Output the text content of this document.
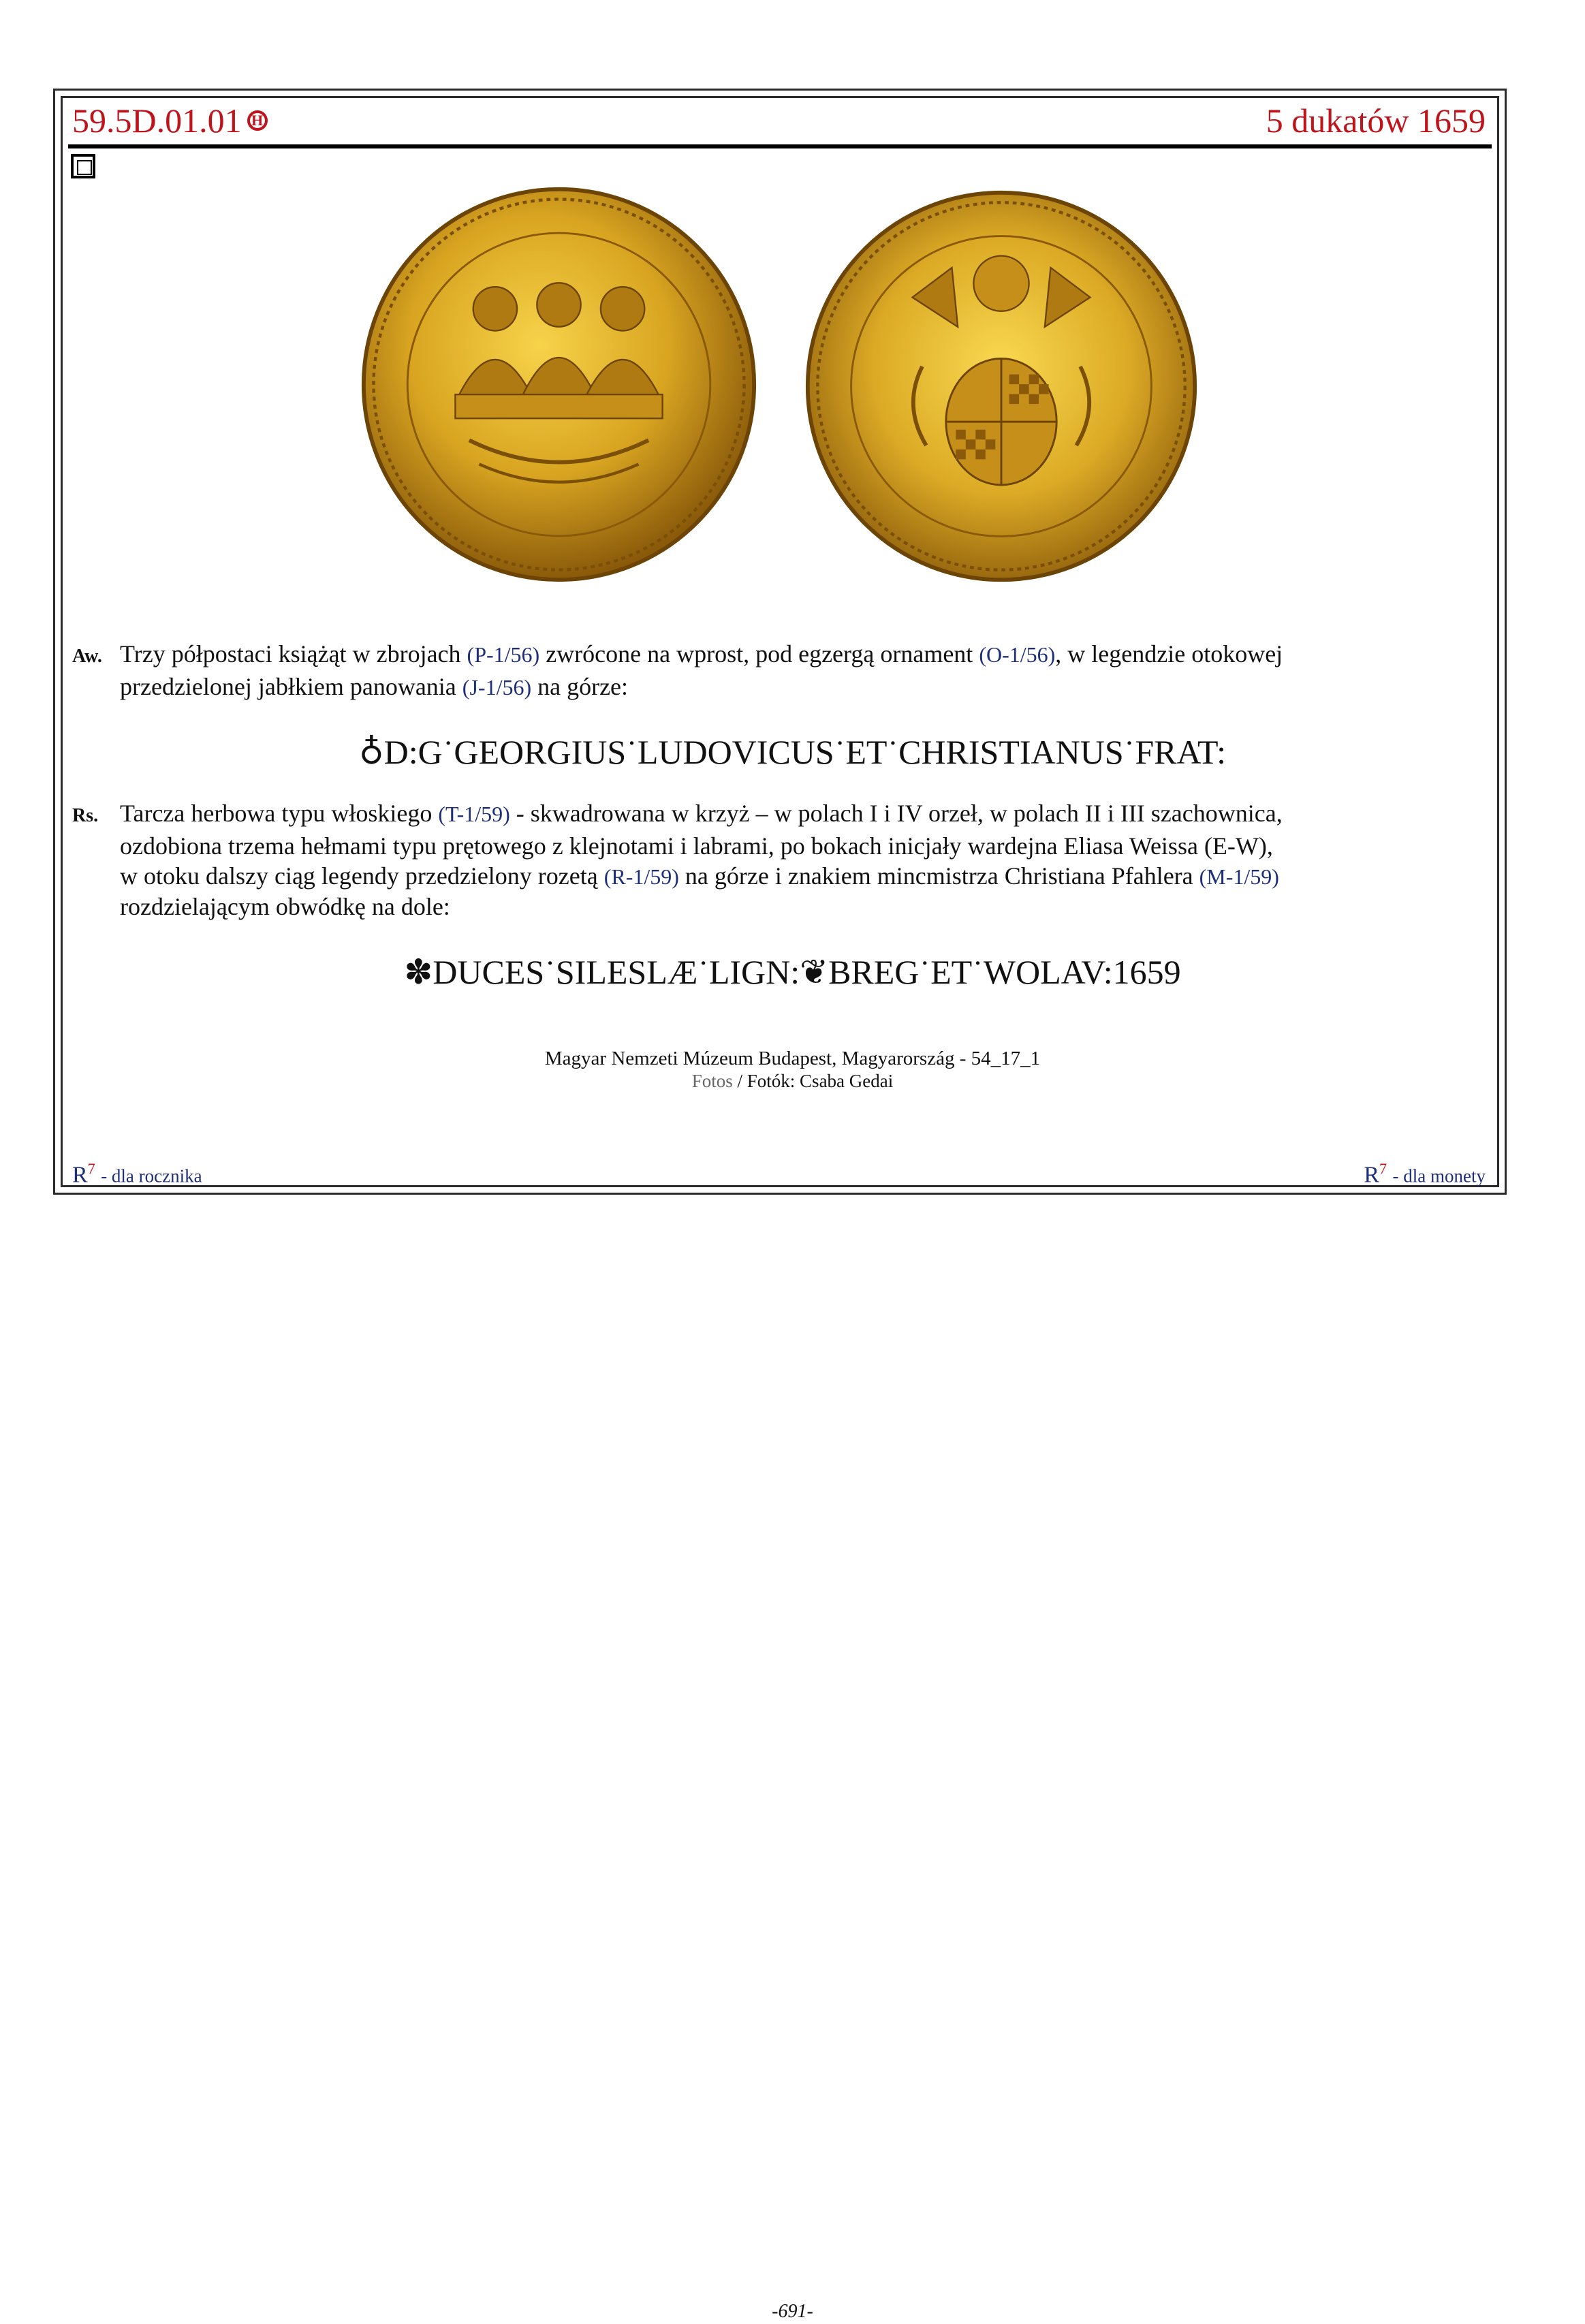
59.5D.01.01 H	5 dukatów 1659
Aw. Trzy półpostaci książąt w zbrojach (P-1/56) zwrócone na wprost, pod egzergą ornament (O-1/56), w legendzie otokowej
przedzielonej jabłkiem panowania (J-1/56) na górze:
♁D:G˙GEORGIUS˙LUDOVICUS˙ET˙CHRISTIANUS˙FRAT:
Rs. Tarcza herbowa typu włoskiego (T-1/59) - skwadrowana w krzyż – w polach I i IV orzeł, w polach II i III szachownica,
ozdobiona trzema hełmami typu prętowego z klejnotami i labrami, po bokach inicjały wardejna Eliasa Weissa (E-W),
w otoku dalszy ciąg legendy przedzielony rozetą (R-1/59) na górze i znakiem mincmistrza Christiana Pfahlera (M-1/59)
rozdzielającym obwódkę na dole:
✽DUCES˙SILESLÆ˙LIGN:❦BREG˙ET˙WOLAV:1659
Magyar Nemzeti Múzeum Budapest, Magyarország - 54_17_1
Fotos / Fotók: Csaba Gedai
$R^7$ - dla rocznika	$R^7$ - dla monety
-691-
